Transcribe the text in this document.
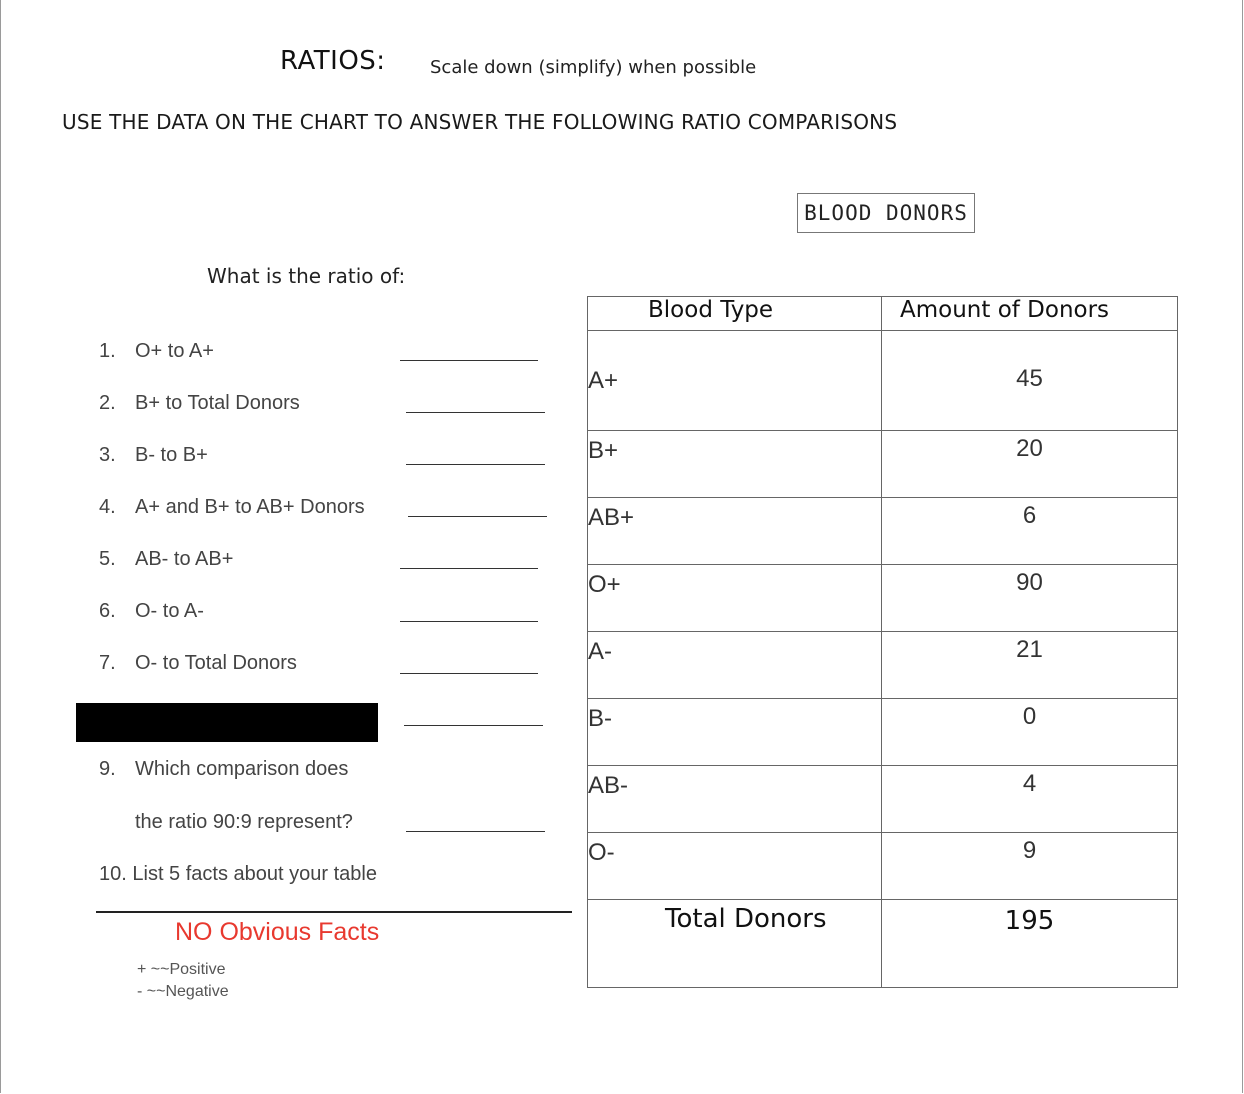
RATIOS: Scale down (simplify) when possible
USE THE DATA ON THE CHART TO ANSWER THE FOLLOWING RATIO COMPARISONS
BLOOD DONORS
What is the ratio of:
1. O+ to A+
2. B+ to Total Donors
3. B- to B+
4. A+ and B+ to AB+ Donors
5. AB- to AB+
6. O- to A-
7. O- to Total Donors
9. Which comparison does
the ratio 90:9 represent?
10. List 5 facts about your table
NO Obvious Facts
+ ~~Positive
- ~~Negative
Blood Type	Amount of Donors
A+	45
B+	20
AB+	6
O+	90
A-	21
B-	0
AB-	4
O-	9
Total Donors	195
